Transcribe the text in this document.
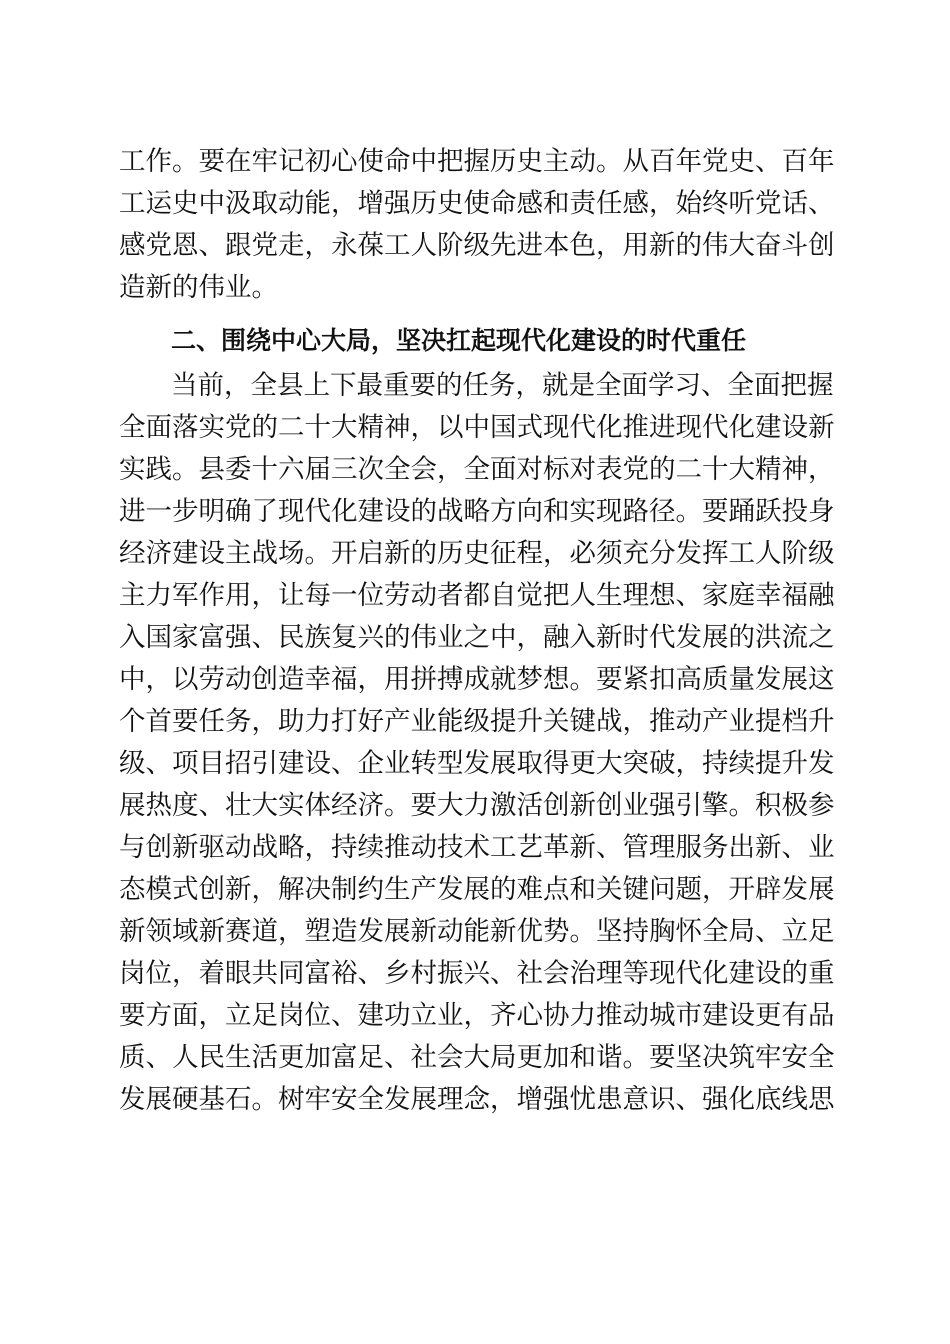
工作。要在牢记初心使命中把握历史主动。从百年党史、百年
工运史中汲取动能，增强历史使命感和责任感，始终听党话、
感党恩、跟党走，永葆工人阶级先进本色，用新的伟大奋斗创
造新的伟业。
二、围绕中心大局，坚决扛起现代化建设的时代重任
当前，全县上下最重要的任务，就是全面学习、全面把握
全面落实党的二十大精神，以中国式现代化推进现代化建设新
实践。县委十六届三次全会，全面对标对表党的二十大精神，
进一步明确了现代化建设的战略方向和实现路径。要踊跃投身
经济建设主战场。开启新的历史征程，必须充分发挥工人阶级
主力军作用，让每一位劳动者都自觉把人生理想、家庭幸福融
入国家富强、民族复兴的伟业之中，融入新时代发展的洪流之
中，以劳动创造幸福，用拼搏成就梦想。要紧扣高质量发展这
个首要任务，助力打好产业能级提升关键战，推动产业提档升
级、项目招引建设、企业转型发展取得更大突破，持续提升发
展热度、壮大实体经济。要大力激活创新创业强引擎。积极参
与创新驱动战略，持续推动技术工艺革新、管理服务出新、业
态模式创新，解决制约生产发展的难点和关键问题，开辟发展
新领域新赛道，塑造发展新动能新优势。坚持胸怀全局、立足
岗位，着眼共同富裕、乡村振兴、社会治理等现代化建设的重
要方面，立足岗位、建功立业，齐心协力推动城市建设更有品
质、人民生活更加富足、社会大局更加和谐。要坚决筑牢安全
发展硬基石。树牢安全发展理念，增强忧患意识、强化底线思
